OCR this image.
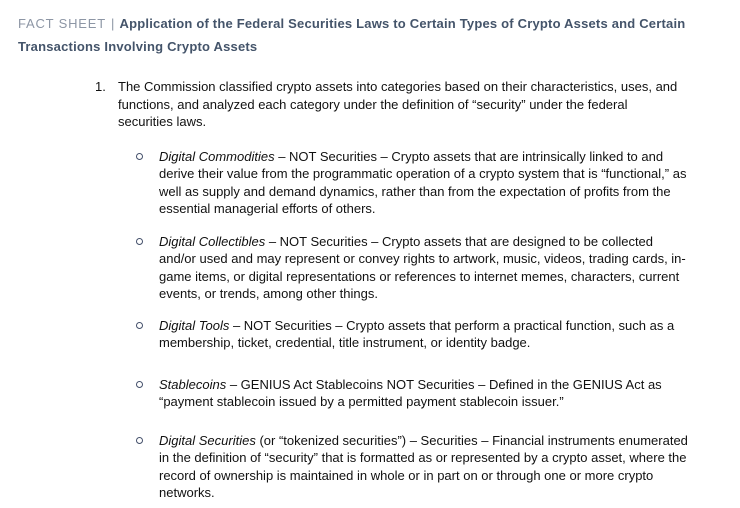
FACT SHEET | Application of the Federal Securities Laws to Certain Types of Crypto Assets and Certain Transactions Involving Crypto Assets
1. The Commission classified crypto assets into categories based on their characteristics, uses, and functions, and analyzed each category under the definition of “security” under the federal securities laws.

Digital Commodities – NOT Securities – Crypto assets that are intrinsically linked to and derive their value from the programmatic operation of a crypto system that is “functional,” as well as supply and demand dynamics, rather than from the expectation of profits from the essential managerial efforts of others.

Digital Collectibles – NOT Securities – Crypto assets that are designed to be collected and/or used and may represent or convey rights to artwork, music, videos, trading cards, in-game items, or digital representations or references to internet memes, characters, current events, or trends, among other things.

Digital Tools – NOT Securities – Crypto assets that perform a practical function, such as a membership, ticket, credential, title instrument, or identity badge.

Stablecoins – GENIUS Act Stablecoins NOT Securities – Defined in the GENIUS Act as “payment stablecoin issued by a permitted payment stablecoin issuer.”

Digital Securities (or “tokenized securities”) – Securities – Financial instruments enumerated in the definition of “security” that is formatted as or represented by a crypto asset, where the record of ownership is maintained in whole or in part on or through one or more crypto networks.
